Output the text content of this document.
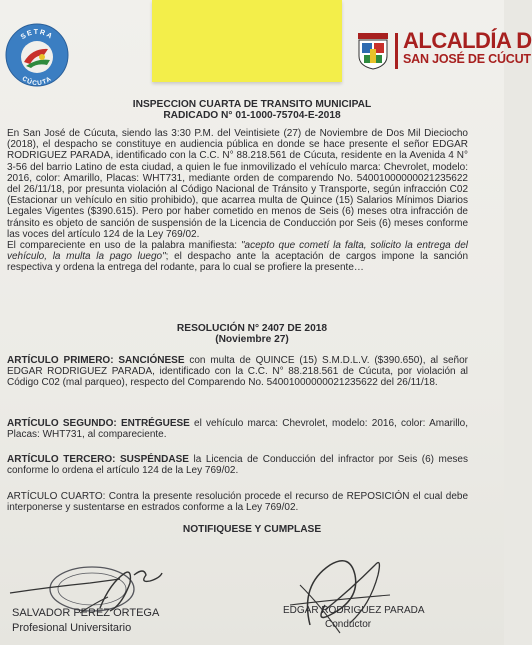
SETRA
CÚCUTA
ALCALDÍA D
SAN JOSÉ DE CÚCUT
INSPECCION CUARTA DE TRANSITO MUNICIPAL
RADICADO N° 01-1000-75704-E-2018
En San José de Cúcuta, siendo las 3:30 P.M. del Veintisiete (27) de Noviembre de Dos Mil Dieciocho (2018), el despacho se constituye en audiencia pública en donde se hace presente el señor EDGAR RODRIGUEZ PARADA, identificado con la C.C. N° 88.218.561 de Cúcuta, residente en la Avenida 4 N° 3-56 del barrio Latino de esta ciudad, a quien le fue inmovilizado el vehículo marca: Chevrolet, modelo: 2016, color: Amarillo, Placas: WHT731, mediante orden de comparendo No. 54001000000021235622 del 26/11/18, por presunta violación al Código Nacional de Tránsito y Transporte, según infracción C02 (Estacionar un vehículo en sitio prohibido), que acarrea multa de Quince (15) Salarios Mínimos Diarios Legales Vigentes ($390.615). Pero por haber cometido en menos de Seis (6) meses otra infracción de tránsito es objeto de sanción de suspensión de la Licencia de Conducción por Seis (6) meses conforme las voces del artículo 124 de la Ley 769/02.
El compareciente en uso de la palabra manifiesta: "acepto que cometí la falta, solicito la entrega del vehículo, la multa la pago luego"; el despacho ante la aceptación de cargos impone la sanción respectiva y ordena la entrega del rodante, para lo cual se profiere la presente…
RESOLUCIÓN N° 2407 DE 2018
(Noviembre 27)
ARTÍCULO PRIMERO: SANCIÓNESE con multa de QUINCE (15) S.M.D.L.V. ($390.650), al señor EDGAR RODRIGUEZ PARADA, identificado con la C.C. N° 88.218.561 de Cúcuta, por violación al Código C02 (mal parqueo), respecto del Comparendo No. 54001000000021235622 del 26/11/18.
ARTÍCULO SEGUNDO: ENTRÉGUESE el vehículo marca: Chevrolet, modelo: 2016, color: Amarillo, Placas: WHT731, al compareciente.
ARTÍCULO TERCERO: SUSPÉNDASE la Licencia de Conducción del infractor por Seis (6) meses conforme lo ordena el artículo 124 de la Ley 769/02.
ARTÍCULO CUARTO: Contra la presente resolución procede el recurso de REPOSICIÓN el cual debe interponerse y sustentarse en estrados conforme a la Ley 769/02.
NOTIFIQUESE Y CUMPLASE
SALVADOR PEREZ ORTEGA
Profesional Universitario
EDGAR RODRIGUEZ PARADA
Conductor
